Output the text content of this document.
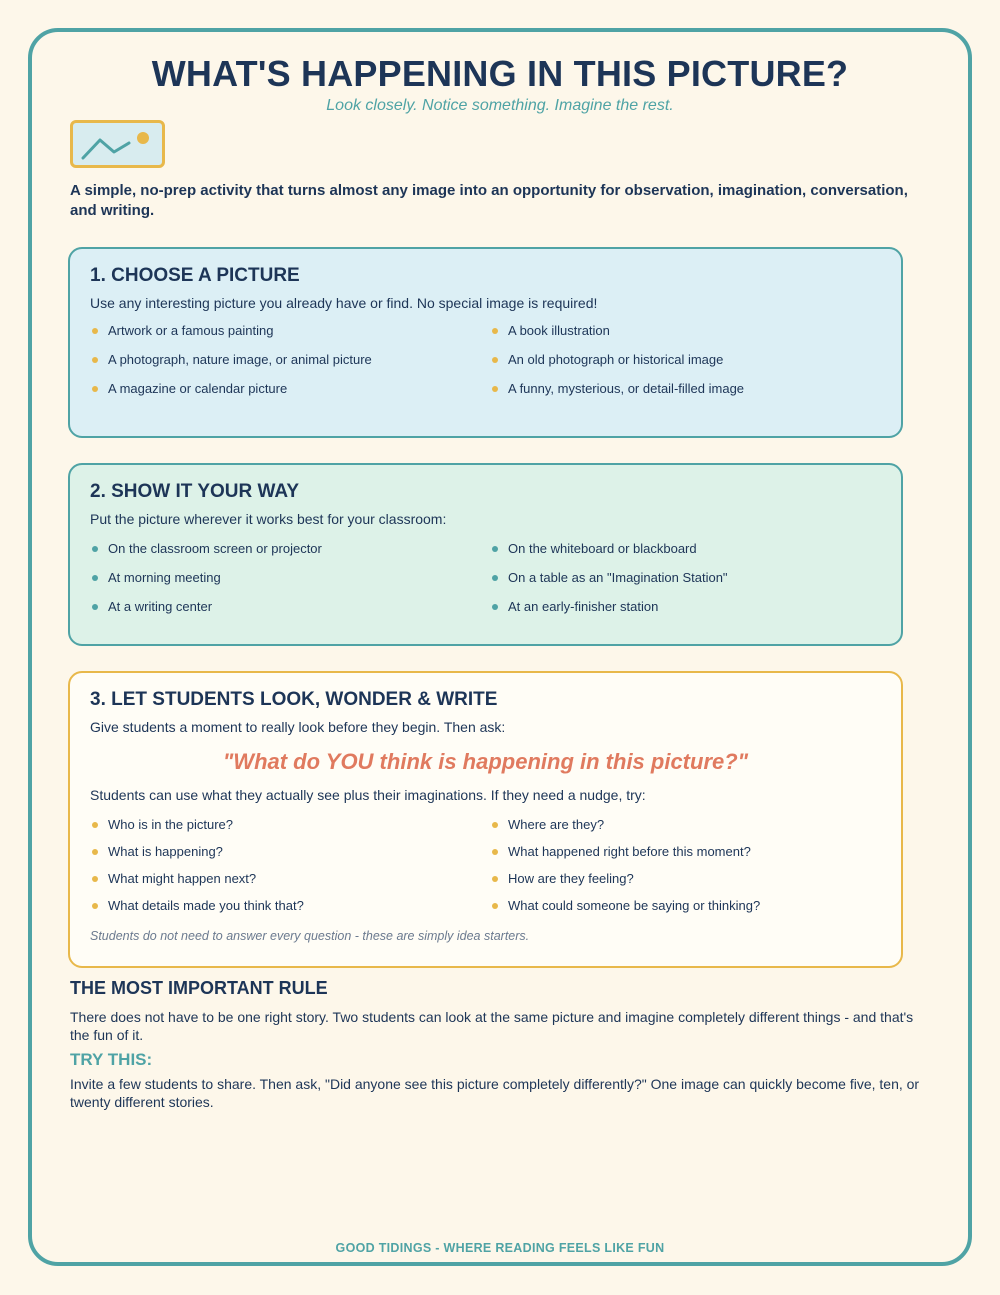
WHAT'S HAPPENING IN THIS PICTURE?
Look closely. Notice something. Imagine the rest.

A simple, no-prep activity that turns almost any image into an opportunity for observation, imagination, conversation, and writing.

1. CHOOSE A PICTURE

Use any interesting picture you already have or find. No special image is required!

Artwork or a famous painting	A book illustration
A photograph, nature image, or animal picture	An old photograph or historical image
A magazine or calendar picture	A funny, mysterious, or detail-filled image
2. SHOW IT YOUR WAY

Put the picture wherever it works best for your classroom:

On the classroom screen or projector	On the whiteboard or blackboard
At morning meeting	On a table as an "Imagination Station"
At a writing center	At an early-finisher station
3. LET STUDENTS LOOK, WONDER & WRITE

Give students a moment to really look before they begin. Then ask:

"What do YOU think is happening in this picture?"

Students can use what they actually see plus their imaginations. If they need a nudge, try:

Who is in the picture?	Where are they?
What is happening?	What happened right before this moment?
What might happen next?	How are they feeling?
What details made you think that?	What could someone be saying or thinking?

Students do not need to answer every question - these are simply idea starters.

THE MOST IMPORTANT RULE

There does not have to be one right story. Two students can look at the same picture and imagine completely different things - and that's the fun of it.

TRY THIS:

Invite a few students to share. Then ask, "Did anyone see this picture completely differently?" One image can quickly become five, ten, or twenty different stories.

GOOD TIDINGS - WHERE READING FEELS LIKE FUN
